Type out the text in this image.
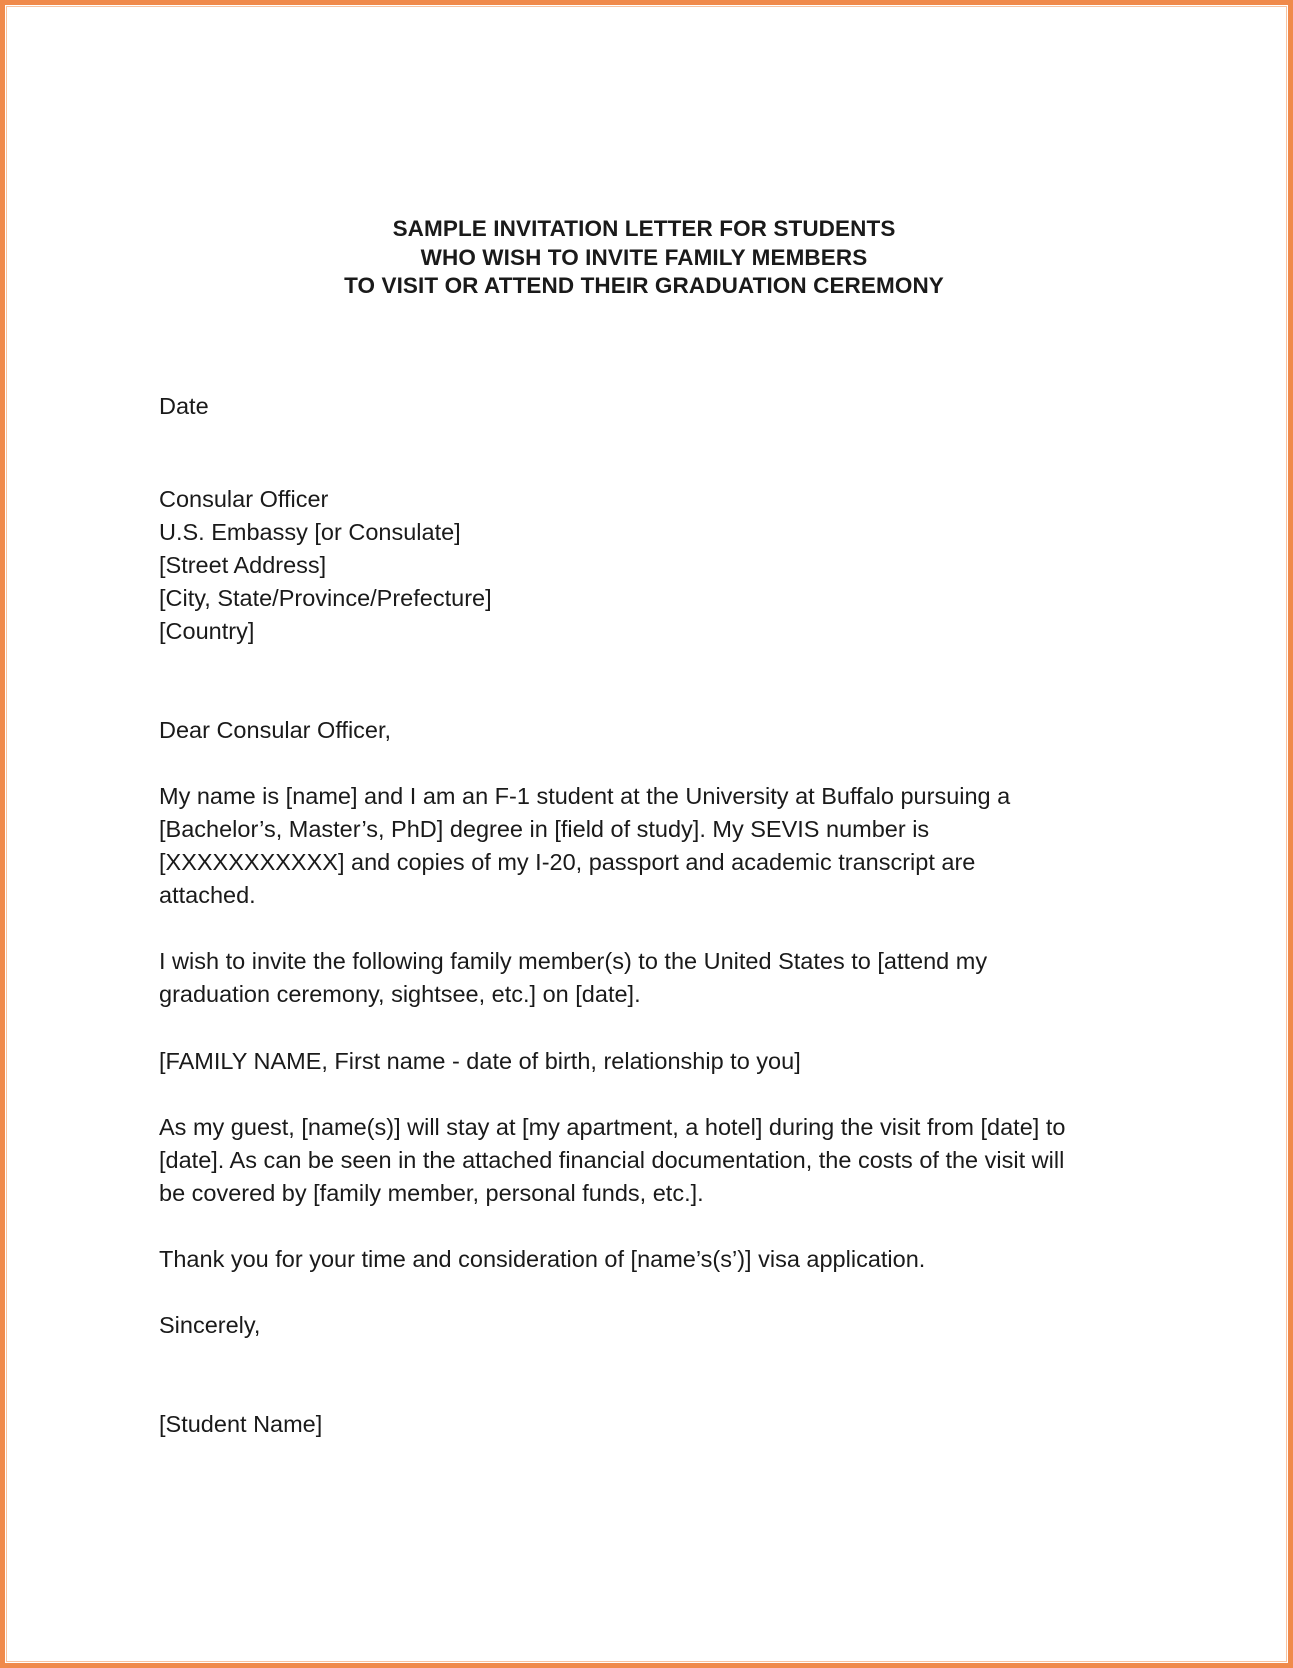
SAMPLE INVITATION LETTER FOR STUDENTS
WHO WISH TO INVITE FAMILY MEMBERS
TO VISIT OR ATTEND THEIR GRADUATION CEREMONY
Date
Consular Officer
U.S. Embassy [or Consulate]
[Street Address]
[City, State/Province/Prefecture]
[Country]
Dear Consular Officer,
My name is [name] and I am an F-1 student at the University at Buffalo pursuing a
[Bachelor’s, Master’s, PhD] degree in [field of study]. My SEVIS number is
[XXXXXXXXXXX] and copies of my I-20, passport and academic transcript are
attached.
I wish to invite the following family member(s) to the United States to [attend my
graduation ceremony, sightsee, etc.] on [date].
[FAMILY NAME, First name - date of birth, relationship to you]
As my guest, [name(s)] will stay at [my apartment, a hotel] during the visit from [date] to
[date]. As can be seen in the attached financial documentation, the costs of the visit will
be covered by [family member, personal funds, etc.].
Thank you for your time and consideration of [name’s(s’)] visa application.
Sincerely,
[Student Name]
